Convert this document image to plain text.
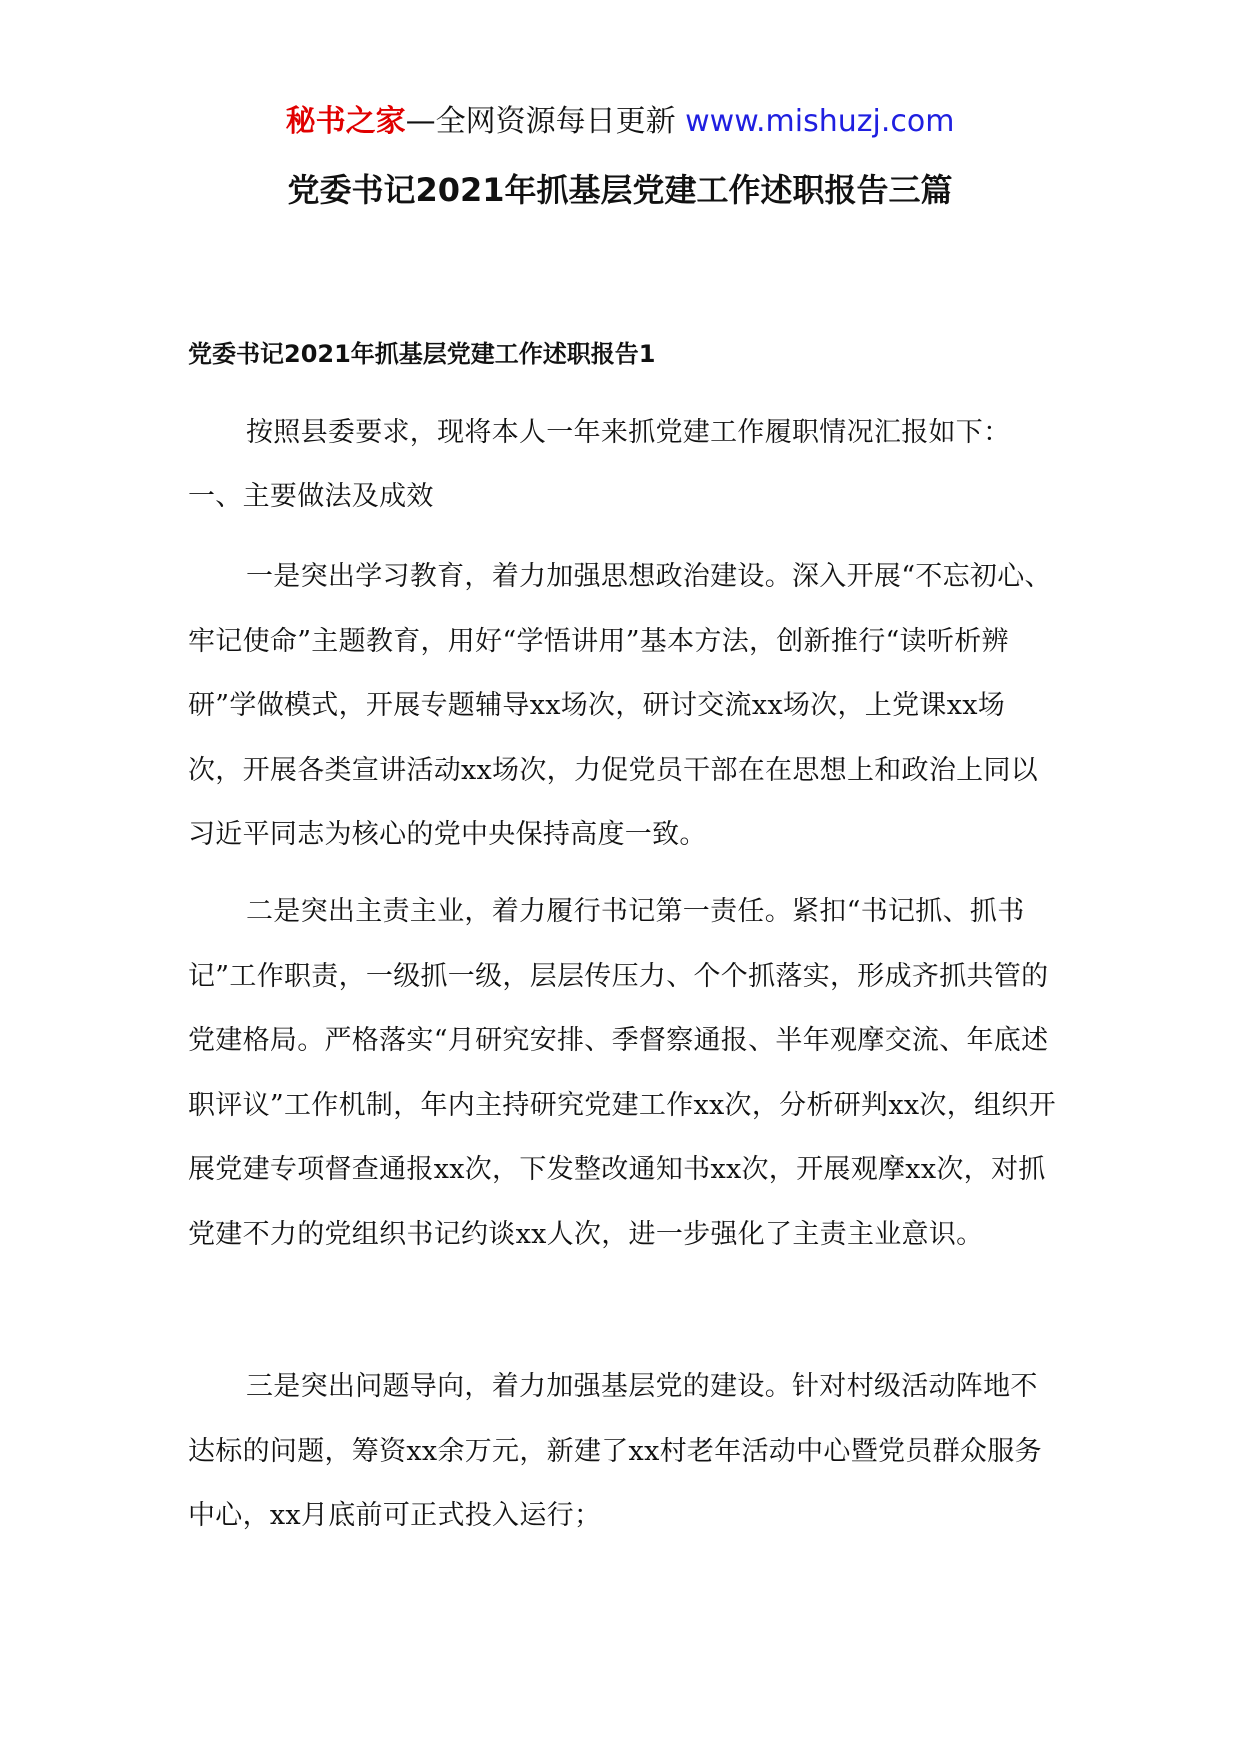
秘书之家—全网资源每日更新 www.mishuzj.com
党委书记2021年抓基层党建工作述职报告三篇
党委书记2021年抓基层党建工作述职报告1

按照县委要求，现将本人一年来抓党建工作履职情况汇报如下：

一、主要做法及成效

一是突出学习教育，着力加强思想政治建设。深入开展“不忘初心、牢记使命”主题教育，用好“学悟讲用”基本方法，创新推行“读听析辨研”学做模式，开展专题辅导xx场次，研讨交流xx场次，上党课xx场次，开展各类宣讲活动xx场次，力促党员干部在在思想上和政治上同以习近平同志为核心的党中央保持高度一致。

二是突出主责主业，着力履行书记第一责任。紧扣“书记抓、抓书记”工作职责，一级抓一级，层层传压力、个个抓落实，形成齐抓共管的党建格局。严格落实“月研究安排、季督察通报、半年观摩交流、年底述职评议”工作机制，年内主持研究党建工作xx次，分析研判xx次，组织开展党建专项督查通报xx次，下发整改通知书xx次，开展观摩xx次，对抓党建不力的党组织书记约谈xx人次，进一步强化了主责主业意识。

三是突出问题导向，着力加强基层党的建设。针对村级活动阵地不达标的问题，筹资xx余万元，新建了xx村老年活动中心暨党员群众服务中心，xx月底前可正式投入运行；
